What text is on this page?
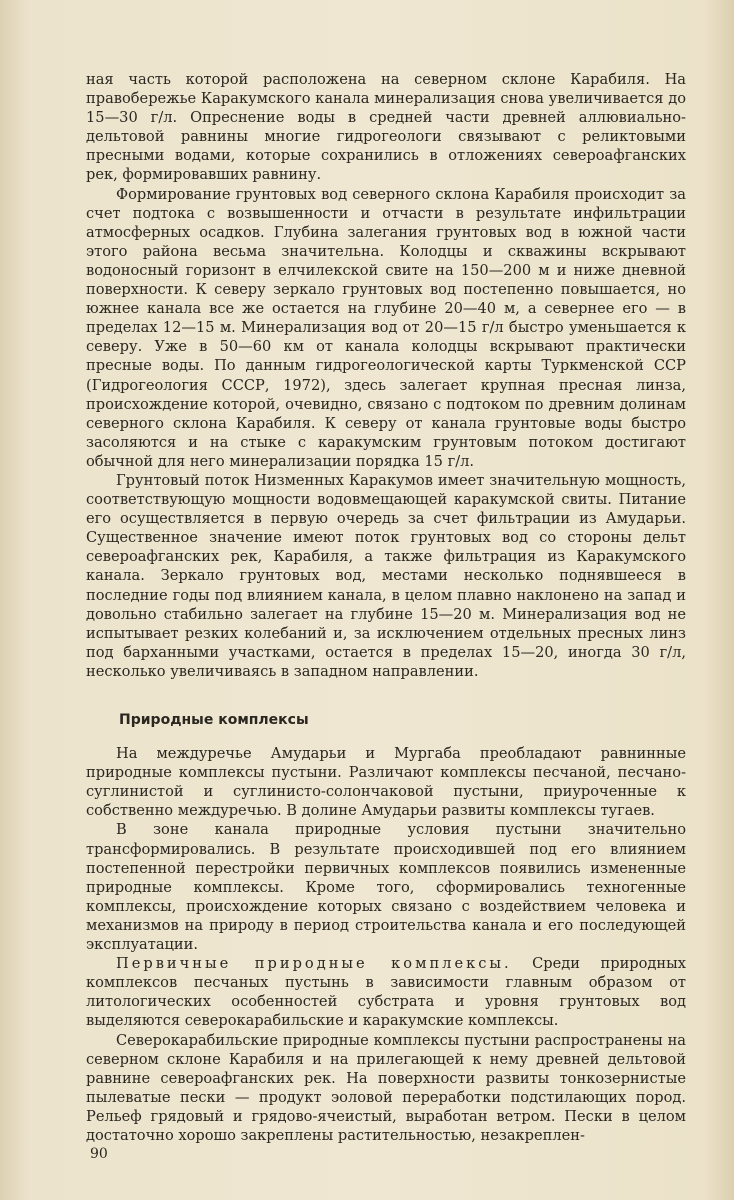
ная часть которой расположена на северном склоне Карабиля. На правобережье Каракумского канала минерализация снова увеличивается до 15—30 г/л. Опреснение воды в средней части древней аллювиально-дельтовой равнины многие гидрогеологи связывают с реликтовыми пресными водами, которые сохранились в отложениях североафганских рек, формировавших равнину.

Формирование грунтовых вод северного склона Карабиля происходит за счет подтока с возвышенности и отчасти в результате инфильтрации атмосферных осадков. Глубина залегания грунтовых вод в южной части этого района весьма значительна. Колодцы и скважины вскрывают водоносный горизонт в елчилекской свите на 150—200 м и ниже дневной поверхности. К северу зеркало грунтовых вод постепенно повышается, но южнее канала все же остается на глубине 20—40 м, а севернее его — в пределах 12—15 м. Минерализация вод от 20—15 г/л быстро уменьшается к северу. Уже в 50—60 км от канала колодцы вскрывают практически пресные воды. По данным гидрогеологической карты Туркменской ССР (Гидрогеология СССР, 1972), здесь залегает крупная пресная линза, происхождение которой, очевидно, связано с подтоком по древним долинам северного склона Карабиля. К северу от канала грунтовые воды быстро засоляются и на стыке с каракумским грунтовым потоком достигают обычной для него минерализации порядка 15 г/л.

Грунтовый поток Низменных Каракумов имеет значительную мощность, соответствующую мощности водовмещающей каракумской свиты. Питание его осуществляется в первую очередь за счет фильтрации из Амударьи. Существенное значение имеют поток грунтовых вод со стороны дельт североафганских рек, Карабиля, а также фильтрация из Каракумского канала. Зеркало грунтовых вод, местами несколько поднявшееся в последние годы под влиянием канала, в целом плавно наклонено на запад и довольно стабильно залегает на глубине 15—20 м. Минерализация вод не испытывает резких колебаний и, за исключением отдельных пресных линз под барханными участками, остается в пределах 15—20, иногда 30 г/л, несколько увеличиваясь в западном направлении.

Природные комплексы

На междуречье Амударьи и Мургаба преобладают равнинные природные комплексы пустыни. Различают комплексы песчаной, песчано-суглинистой и суглинисто-солончаковой пустыни, приуроченные к собственно междуречью. В долине Амударьи развиты комплексы тугаев.

В зоне канала природные условия пустыни значительно трансформировались. В результате происходившей под его влиянием постепенной перестройки первичных комплексов появились измененные природные комплексы. Кроме того, сформировались техногенные комплексы, происхождение которых связано с воздействием человека и механизмов на природу в период строительства канала и его последующей эксплуатации.

Первичные природные комплексы. Среди природных комплексов песчаных пустынь в зависимости главным образом от литологических особенностей субстрата и уровня грунтовых вод выделяются северокарабильские и каракумские комплексы.

Северокарабильские природные комплексы пустыни распространены на северном склоне Карабиля и на прилегающей к нему древней дельтовой равнине североафганских рек. На поверхности развиты тонкозернистые пылеватые пески — продукт эоловой переработки подстилающих пород. Рельеф грядовый и грядово-ячеистый, выработан ветром. Пески в целом достаточно хорошо закреплены растительностью, незакреплен-

90
